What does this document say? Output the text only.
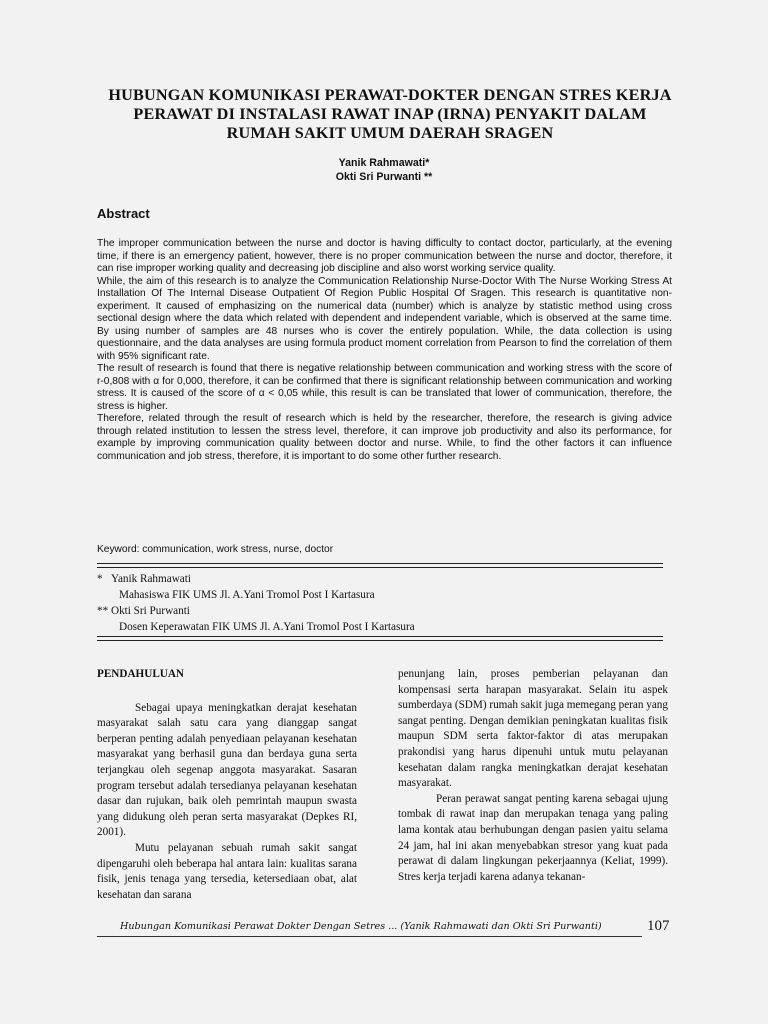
HUBUNGAN KOMUNIKASI PERAWAT-DOKTER DENGAN STRES KERJA
PERAWAT DI INSTALASI RAWAT INAP (IRNA) PENYAKIT DALAM
RUMAH SAKIT UMUM DAERAH SRAGEN
Yanik Rahmawati*
Okti Sri Purwanti **
Abstract

The improper communication between the nurse and doctor is having difficulty to contact doctor, particularly, at the evening time, if there is an emergency patient, however, there is no proper communication between the nurse and doctor, therefore, it can rise improper working quality and decreasing job discipline and also worst working service quality.

While, the aim of this research is to analyze the Communication Relationship Nurse-Doctor With The Nurse Working Stress At Installation Of The Internal Disease Outpatient Of Region Public Hospital Of Sragen. This research is quantitative non-experiment. It caused of emphasizing on the numerical data (number) which is analyze by statistic method using cross sectional design where the data which related with dependent and independent variable, which is observed at the same time. By using number of samples are 48 nurses who is cover the entirely population. While, the data collection is using questionnaire, and the data analyses are using formula product moment correlation from Pearson to find the correlation of them with 95% significant rate.

The result of research is found that there is negative relationship between communication and working stress with the score of r-0,808 with α for 0,000, therefore, it can be confirmed that there is significant relationship between communication and working stress. It is caused of the score of α < 0,05 while, this result is can be translated that lower of communication, therefore, the stress is higher.

Therefore, related through the result of research which is held by the researcher, therefore, the research is giving advice through related institution to lessen the stress level, therefore, it can improve job productivity and also its performance, for example by improving communication quality between doctor and nurse. While, to find the other factors it can influence communication and job stress, therefore, it is important to do some other further research.

Keyword: communication, work stress, nurse, doctor
* Yanik Rahmawati
Mahasiswa FIK UMS Jl. A.Yani Tromol Post I Kartasura
** Okti Sri Purwanti
Dosen Keperawatan FIK UMS Jl. A.Yani Tromol Post I Kartasura

PENDAHULUAN

Sebagai upaya meningkatkan derajat kesehatan masyarakat salah satu cara yang dianggap sangat berperan penting adalah penyediaan pelayanan kesehatan masyarakat yang berhasil guna dan berdaya guna serta terjangkau oleh segenap anggota masyarakat. Sasaran program tersebut adalah tersedianya pelayanan kesehatan dasar dan rujukan, baik oleh pemrintah maupun swasta yang didukung oleh peran serta masyarakat (Depkes RI, 2001).

Mutu pelayanan sebuah rumah sakit sangat dipengaruhi oleh beberapa hal antara lain: kualitas sarana fisik, jenis tenaga yang tersedia, ketersediaan obat, alat kesehatan dan sarana

penunjang lain, proses pemberian pelayanan dan kompensasi serta harapan masyarakat. Selain itu aspek sumberdaya (SDM) rumah sakit juga memegang peran yang sangat penting. Dengan demikian peningkatan kualitas fisik maupun SDM serta faktor-faktor di atas merupakan prakondisi yang harus dipenuhi untuk mutu pelayanan kesehatan dalam rangka meningkatkan derajat kesehatan masyarakat.

Peran perawat sangat penting karena sebagai ujung tombak di rawat inap dan merupakan tenaga yang paling lama kontak atau berhubungan dengan pasien yaitu selama 24 jam, hal ini akan menyebabkan stresor yang kuat pada perawat di dalam lingkungan pekerjaannya (Keliat, 1999). Stres kerja terjadi karena adanya tekanan-

Hubungan Komunikasi Perawat Dokter Dengan Setres ... (Yanik Rahmawati dan Okti Sri Purwanti)	107
